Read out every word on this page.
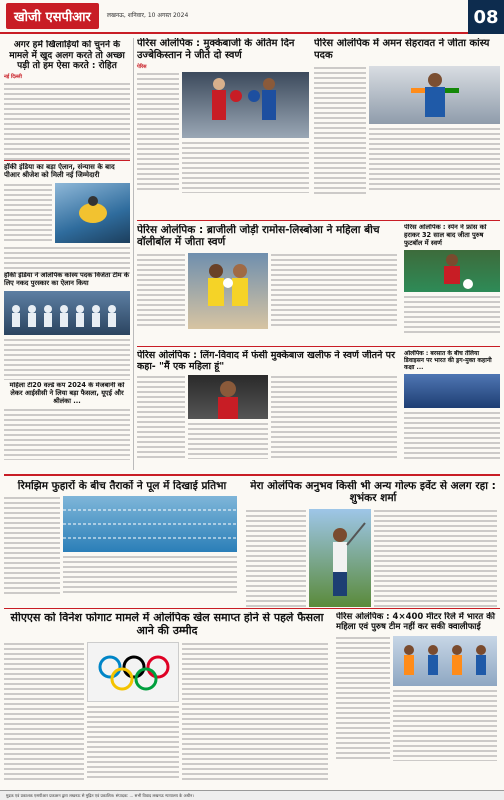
खोजी एसपीआर	लखनऊ, शनिवार, 10 अगस्त 2024	08
अगर हमें खिलाड़ियों को चुनने के मामले में खुद अलग करते तो अच्छा पड़ी तो हम ऐसा करते : रोहित
नई दिल्ली
हॉकी इंडिया का बड़ा ऐलान, संन्यास के बाद पीआर श्रीजेश को मिली नई जिम्मेदारी
हॉकी इंडिया ने ओलंपिक कांस्य पदक विजेता टीम के लिए नकद पुरस्कार का ऐलान किया
महिला टी20 वर्ल्ड कप 2024 के मेजबानी को लेकर आईसीसी ने लिया बड़ा फैसला, यूएई और श्रीलंका ...
पेरिस ओलंपिक : मुक्केबाजी के अंतिम दिन उज्बेकिस्तान ने जीते दो स्वर्ण
पेरिस
पेरिस ओलंपिक में अमन सेहरावत ने जीता कांस्य पदक
पेरिस ओलंपिक : ब्राजीली जोड़ी रामोस-लिस्बोआ ने महिला बीच वॉलीबॉल में जीता स्वर्ण
पेरिस ओलंपिक : स्पेन ने फ्रांस को हराकर 32 साल बाद जीता पुरुष फुटबॉल में स्वर्ण
पेरिस ओलंपिक : लिंग-विवाद में फंसी मुक्केबाज खलीफ ने स्वर्ण जीतने पर कहा- "मैं एक महिला हूं"
ओलंपिक : बरसात के बीच तेलिया डिवाइसन पर भारत की ड्रग-मुक्त कहानी कक्षा ...
रिमझिम फुहारों के बीच तैराकों ने पूल में दिखाई प्रतिभा	मेरा ओलंपिक अनुभव किसी भी अन्य गोल्फ इवेंट से अलग रहा : शुभंकर शर्मा
सीएएस को विनेश फोगाट मामले में ओलंपिक खेल समाप्त होने से पहले फैसला आने की उम्मीद
पेरिस ओलंपिक : 4×400 मीटर रिले में भारत की महिला एवं पुरुष टीम नहीं कर सकी क्वालीफाई
मुद्रक एवं प्रकाशक एसपीआर प्रकाशन द्वारा लखनऊ से मुद्रित एवं प्रकाशित। संपादक: ... सभी विवाद लखनऊ न्यायालय के अधीन।
